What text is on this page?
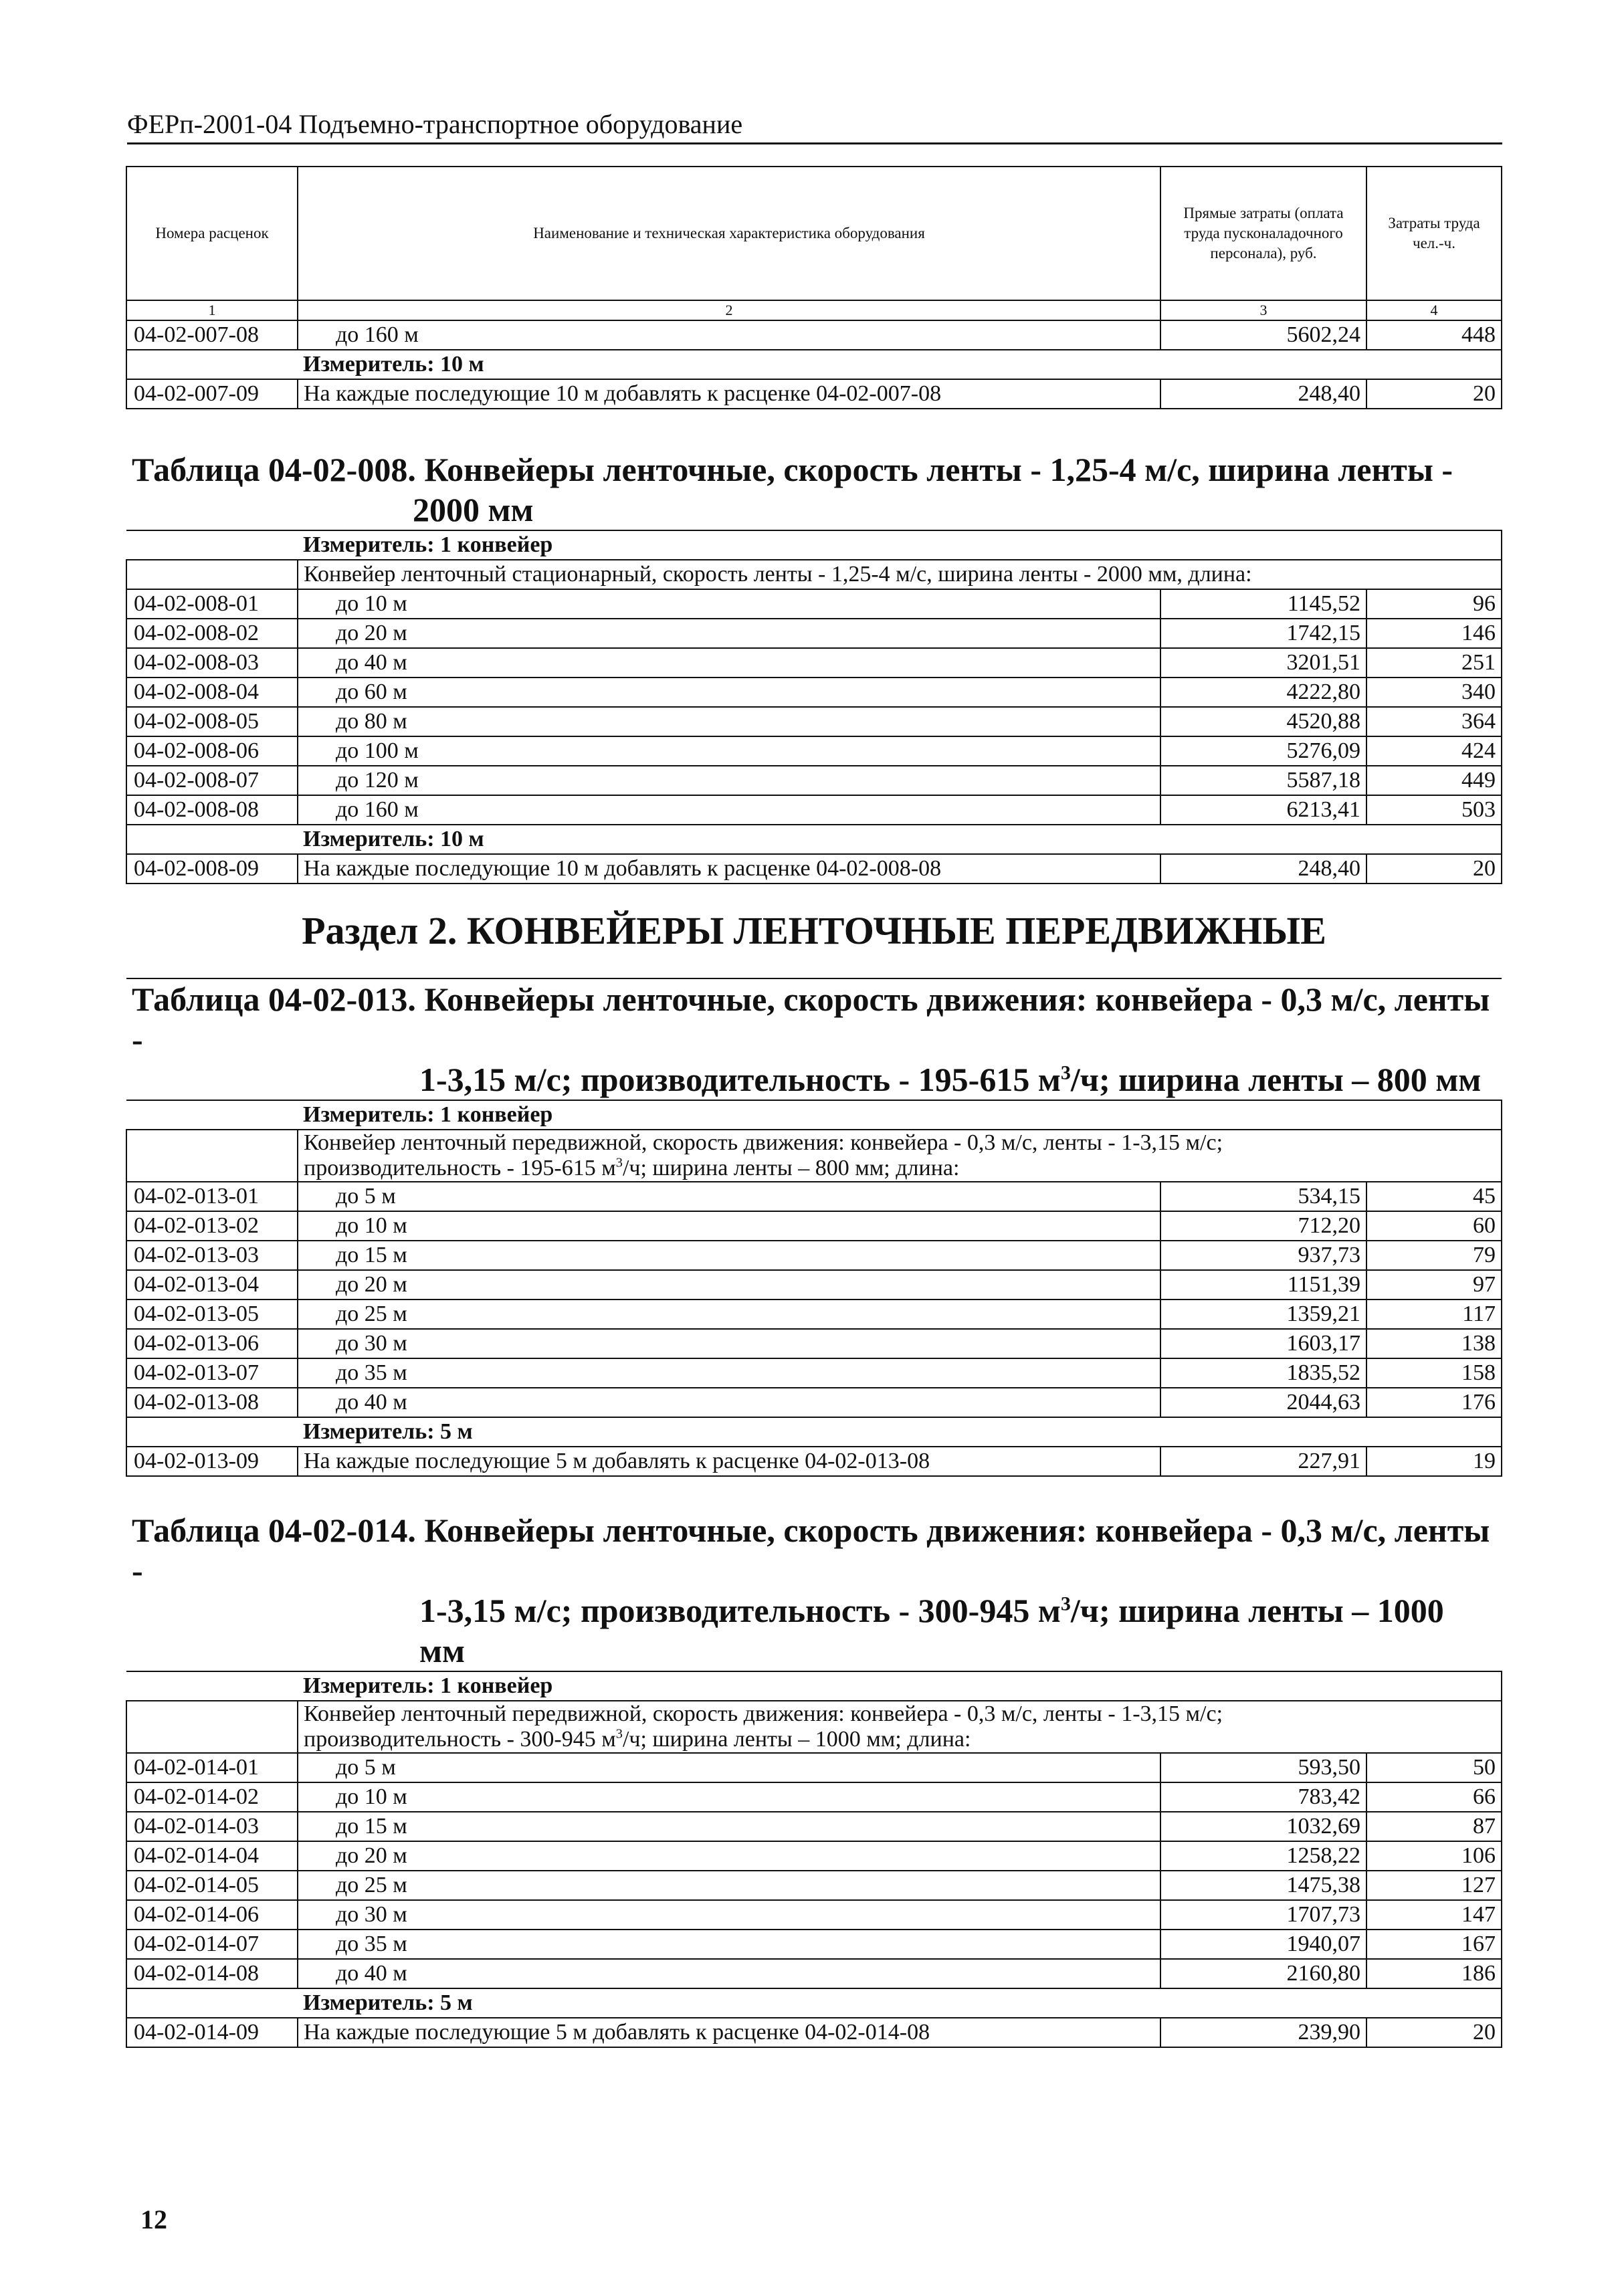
ФЕРп-2001-04 Подъемно-транспортное оборудование
Номера расценок	Наименование и техническая характеристика оборудования	Прямые затраты (оплата труда пусконаладочного персонала), руб.	Затраты труда чел.-ч.
1	2	3	4
04-02-007-08	до 160 м	5602,24	448
	Измеритель: 10 м		
04-02-007-09	На каждые последующие 10 м добавлять к расценке 04-02-007-08	248,40	20

Таблица 04-02-008. Конвейеры ленточные, скорость ленты - 1,25-4 м/с, ширина ленты -
2000 мм			

	Измеритель: 1 конвейер		
	Конвейер ленточный стационарный, скорость ленты - 1,25-4 м/с, ширина ленты - 2000 мм, длина:		
04-02-008-01	до 10 м	1145,52	96
04-02-008-02	до 20 м	1742,15	146
04-02-008-03	до 40 м	3201,51	251
04-02-008-04	до 60 м	4222,80	340
04-02-008-05	до 80 м	4520,88	364
04-02-008-06	до 100 м	5276,09	424
04-02-008-07	до 120 м	5587,18	449
04-02-008-08	до 160 м	6213,41	503
	Измеритель: 10 м		
04-02-008-09	На каждые последующие 10 м добавлять к расценке 04-02-008-08	248,40	20
Раздел 2. КОНВЕЙЕРЫ ЛЕНТОЧНЫЕ ПЕРЕДВИЖНЫЕ			

Таблица 04-02-013. Конвейеры ленточные, скорость движения: конвейера - 0,3 м/с, ленты -
1-3,15 м/с; производительность - 195-615 $м^3/ч$; ширина ленты – 800 мм			

	Измеритель: 1 конвейер		

	Конвейер ленточный передвижной, скорость движения: конвейера - 0,3 м/с, ленты - 1-3,15 м/с;
производительность - 195-615 $м^3/ч$; ширина ленты – 800 мм; длина:		

04-02-013-01	до 5 м	534,15	45
04-02-013-02	до 10 м	712,20	60
04-02-013-03	до 15 м	937,73	79
04-02-013-04	до 20 м	1151,39	97
04-02-013-05	до 25 м	1359,21	117
04-02-013-06	до 30 м	1603,17	138
04-02-013-07	до 35 м	1835,52	158
04-02-013-08	до 40 м	2044,63	176
	Измеритель: 5 м		
04-02-013-09	На каждые последующие 5 м добавлять к расценке 04-02-013-08	227,91	19

Таблица 04-02-014. Конвейеры ленточные, скорость движения: конвейера - 0,3 м/с, ленты -
1-3,15 м/с; производительность - 300-945 $м^3/ч$; ширина ленты – 1000 мм			

	Измеритель: 1 конвейер		

	Конвейер ленточный передвижной, скорость движения: конвейера - 0,3 м/с, ленты - 1-3,15 м/с;
производительность - 300-945 $м^3/ч$; ширина ленты – 1000 мм; длина:		

04-02-014-01	до 5 м	593,50	50
04-02-014-02	до 10 м	783,42	66
04-02-014-03	до 15 м	1032,69	87
04-02-014-04	до 20 м	1258,22	106
04-02-014-05	до 25 м	1475,38	127
04-02-014-06	до 30 м	1707,73	147
04-02-014-07	до 35 м	1940,07	167
04-02-014-08	до 40 м	2160,80	186
	Измеритель: 5 м		
04-02-014-09	На каждые последующие 5 м добавлять к расценке 04-02-014-08	239,90	20
12
